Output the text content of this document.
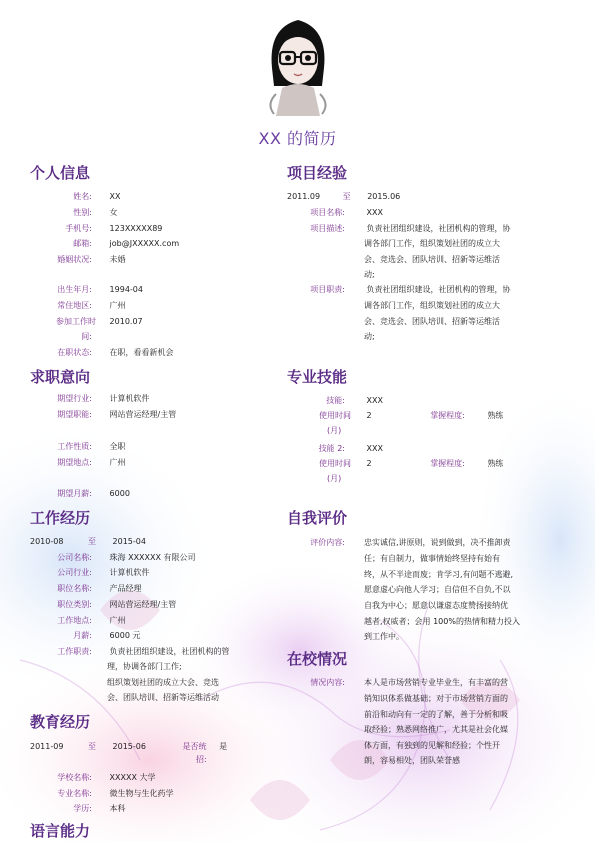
XX 的简历
个人信息
姓名: XX
性别: 女
手机号: 123XXXXX89
邮箱: job@JXXXXX.com
婚姻状况: 未婚
出生年月: 1994-04
常住地区: 广州
参加工作时 2010.07
间:
在职状态: 在职，看看新机会
求职意向
期望行业: 计算机软件
期望职能: 网站营运经理/主管
工作性质: 全职
期望地点: 广州
期望月薪: 6000
工作经历
2010-08	至 2015-04
公司名称: 珠海 XXXXXX 有限公司
公司行业: 计算机软件
职位名称: 产品经理
职位类别: 网站营运经理/主管
工作地点: 广州
月薪: 6000 元
工作职责: 负责社团组织建设，社团机构的管
理，协调各部门工作;
组织策划社团的成立大会、竞选
会、团队培训、招新等运维活动
教育经历
2011-09	至 2015-06	是否统 是
招:
学校名称: XXXXX 大学
专业名称: 微生物与生化药学
学历: 本科
语言能力
项目经验
2011.09	至 2015.06
项目名称:	XXX
项目描述:	负责社团组织建设，社团机构的管理，协
调各部门工作，组织策划社团的成立大
会、竞选会、团队培训、招新等运维活
动;
项目职责:	负责社团组织建设，社团机构的管理，协
调各部门工作，组织策划社团的成立大
会、竞选会、团队培训、招新等运维活
动;
专业技能
技能:	XXX
使用时间 2	掌握程度:	熟练
(月)
技能 2:	XXX
使用时间 2	掌握程度:	熟练
(月)
自我评价
评价内容: 忠实诚信,讲原则，说到做到，决不推卸责
任；有自制力，做事情始终坚持有始有
终，从不半途而废；肯学习,有问题不逃避,
愿意虚心向他人学习；自信但不自负,不以
自我为中心；愿意以谦虚态度赞扬接纳优
越者,权威者；会用 100%的热情和精力投入
到工作中。
在校情况
情况内容: 本人是市场营销专业毕业生，有丰富的营
销知识体系做基础；对于市场营销方面的
前沿和动向有一定的了解，善于分析和吸
取经验；熟悉网络推广，尤其是社会化媒
体方面，有独到的见解和经验；个性开
朗，容易相处，团队荣誉感
